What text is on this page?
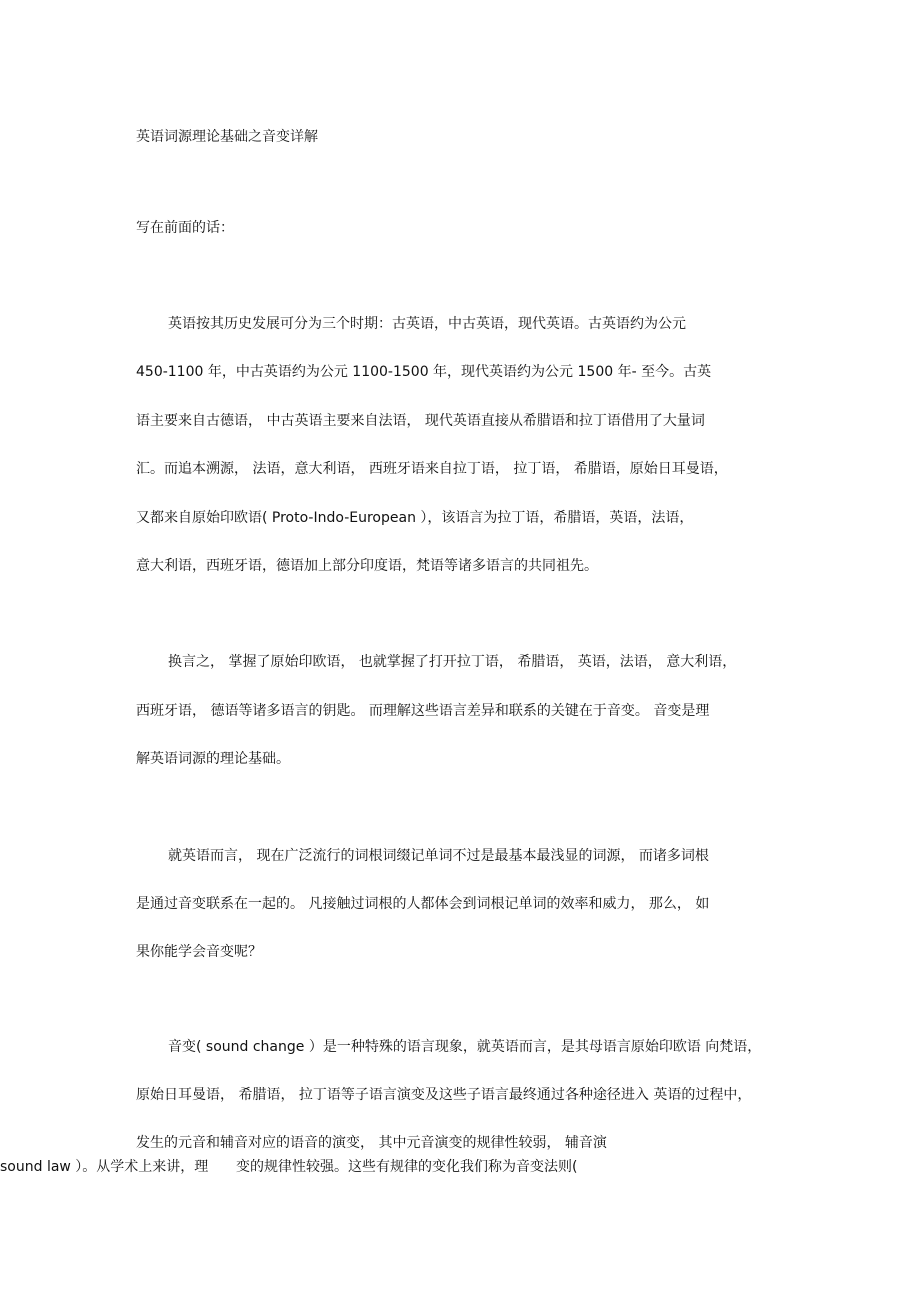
英语词源理论基础之音变详解

写在前面的话：

英语按其历史发展可分为三个时期：古英语，中古英语，现代英语。古英语约为公元

450-1100 年，中古英语约为公元 1100-1500 年，现代英语约为公元 1500 年- 至今。古英

语主要来自古德语， 中古英语主要来自法语， 现代英语直接从希腊语和拉丁语借用了大量词

汇。而追本溯源， 法语，意大利语， 西班牙语来自拉丁语， 拉丁语， 希腊语，原始日耳曼语，

又都来自原始印欧语( Proto-Indo-European ），该语言为拉丁语，希腊语，英语，法语，

意大利语，西班牙语，德语加上部分印度语，梵语等诸多语言的共同祖先。

换言之， 掌握了原始印欧语， 也就掌握了打开拉丁语， 希腊语， 英语，法语， 意大利语，

西班牙语， 德语等诸多语言的钥匙。 而理解这些语言差异和联系的关键在于音变。 音变是理

解英语词源的理论基础。

就英语而言， 现在广泛流行的词根词缀记单词不过是最基本最浅显的词源， 而诸多词根

是通过音变联系在一起的。 凡接触过词根的人都体会到词根记单词的效率和威力， 那么， 如

果你能学会音变呢？

音变( sound change ）是一种特殊的语言现象，就英语而言，是其母语言原始印欧语 向梵语，

原始日耳曼语， 希腊语， 拉丁语等子语言演变及这些子语言最终通过各种途径进入 英语的过程中，

发生的元音和辅音对应的语音的演变， 其中元音演变的规律性较弱， 辅音演

变的规律性较强。这些有规律的变化我们称为音变法则(

sound law ）。从学术上来讲，理
